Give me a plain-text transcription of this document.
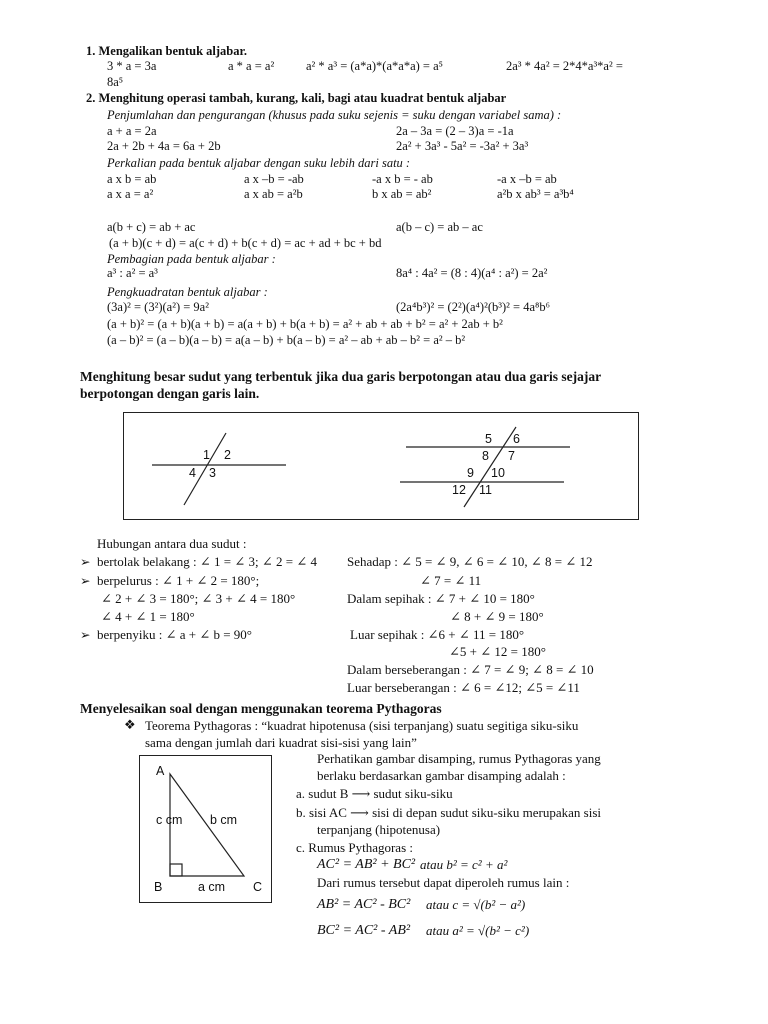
1. Mengalikan bentuk aljabar.
3 * a = 3a	a * a = a²	a² * a³ = (a*a)*(a*a*a) = a⁵	2a³ * 4a² = 2*4*a³*a² =
8a⁵
2. Menghitung operasi tambah, kurang, kali, bagi atau kuadrat bentuk aljabar
Penjumlahan dan pengurangan (khusus pada suku sejenis = suku dengan variabel sama) :
a + a = 2a	2a – 3a = (2 – 3)a = -1a
2a + 2b + 4a = 6a + 2b	2a² + 3a³ - 5a² = -3a² + 3a³
Perkalian pada bentuk aljabar dengan suku lebih dari satu :
a x b = ab	a x –b = -ab	-a x b = - ab	-a x –b = ab
a x a = a²	a x ab = a²b	b x ab = ab²	a²b x ab³ = a³b⁴
a(b + c) = ab + ac	a(b – c) = ab – ac
(a + b)(c + d) = a(c + d) + b(c + d) = ac + ad + bc + bd
Pembagian pada bentuk aljabar :
a³ : a² = a³	8a⁴ : 4a² = (8 : 4)(a⁴ : a²) = 2a²
Pengkuadratan bentuk aljabar :
(3a)² = (3²)(a²) = 9a²	(2a⁴b³)² = (2²)(a⁴)²(b³)² = 4a⁸b⁶
(a + b)² = (a + b)(a + b) = a(a + b) + b(a + b) = a² + ab + ab + b² = a² + 2ab + b²
(a – b)² = (a – b)(a – b) = a(a – b) + b(a – b) = a² – ab + ab – b² = a² – b²
Menghitung besar sudut yang terbentuk jika dua garis berpotongan atau dua garis sejajar
berpotongan dengan garis lain.
1 2
4 3
5 6
8 7
9 10
12 11
Hubungan antara dua sudut :
➢ bertolak belakang : ∠ 1 = ∠ 3; ∠ 2 = ∠ 4
➢ berpelurus : ∠ 1 + ∠ 2 = 180°;
∠ 2 + ∠ 3 = 180°; ∠ 3 + ∠ 4 = 180°
∠ 4 + ∠ 1 = 180°
➢ berpenyiku : ∠ a + ∠ b = 90°
Sehadap : ∠ 5 = ∠ 9, ∠ 6 = ∠ 10, ∠ 8 = ∠ 12
∠ 7 = ∠ 11
Dalam sepihak : ∠ 7 + ∠ 10 = 180°
∠ 8 + ∠ 9 = 180°
Luar sepihak : ∠6 + ∠ 11 = 180°
∠5 + ∠ 12 = 180°
Dalam berseberangan : ∠ 7 = ∠ 9; ∠ 8 = ∠ 10
Luar berseberangan : ∠ 6 = ∠12; ∠5 = ∠11
Menyelesaikan soal dengan menggunakan teorema Pythagoras
❖ Teorema Pythagoras : “kuadrat hipotenusa (sisi terpanjang) suatu segitiga siku-siku
sama dengan jumlah dari kuadrat sisi-sisi yang lain”
A
B	C
c cm b cm
a cm
Perhatikan gambar disamping, rumus Pythagoras yang
berlaku berdasarkan gambar disamping adalah :
a. sudut B ⟶ sudut siku-siku
b. sisi AC ⟶ sisi di depan sudut siku-siku merupakan sisi
terpanjang (hipotenusa)
c. Rumus Pythagoras :
AC² = AB² + BC² atau b² = c² + a²
Dari rumus tersebut dapat diperoleh rumus lain :
AB² = AC² - BC² atau c = √(b² − a²)
BC² = AC² - AB² atau a² = √(b² − c²)
